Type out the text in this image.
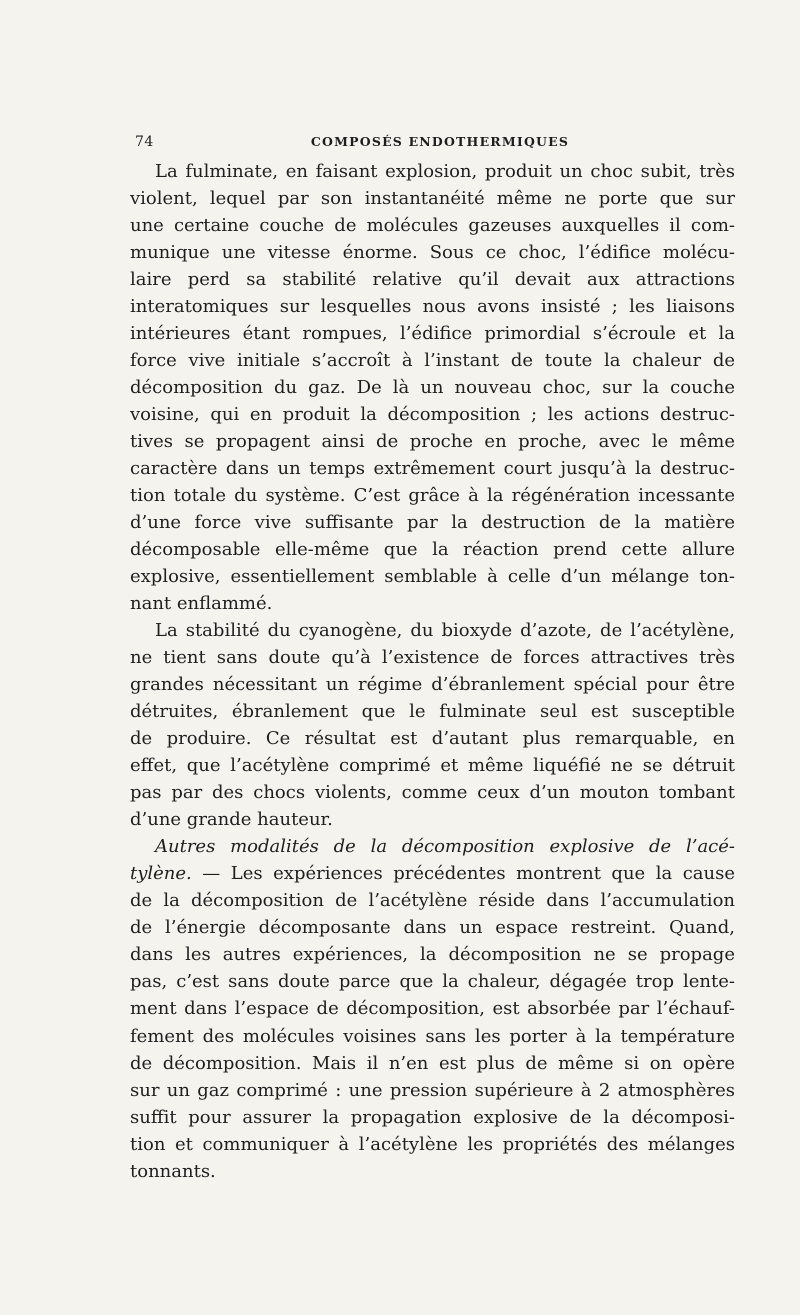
74	COMPOSÉS ENDOTHERMIQUES
La fulminate, en faisant explosion, produit un choc subit, très
violent, lequel par son instantanéité même ne porte que sur
une certaine couche de molécules gazeuses auxquelles il com-
munique une vitesse énorme. Sous ce choc, l’édifice molécu-
laire perd sa stabilité relative qu’il devait aux attractions
interatomiques sur lesquelles nous avons insisté ; les liaisons
intérieures étant rompues, l’édifice primordial s’écroule et la
force vive initiale s’accroît à l’instant de toute la chaleur de
décomposition du gaz. De là un nouveau choc, sur la couche
voisine, qui en produit la décomposition ; les actions destruc-
tives se propagent ainsi de proche en proche, avec le même
caractère dans un temps extrêmement court jusqu’à la destruc-
tion totale du système. C’est grâce à la régénération incessante
d’une force vive suffisante par la destruction de la matière
décomposable elle-même que la réaction prend cette allure
explosive, essentiellement semblable à celle d’un mélange ton-
nant enflammé.
La stabilité du cyanogène, du bioxyde d’azote, de l’acétylène,
ne tient sans doute qu’à l’existence de forces attractives très
grandes nécessitant un régime d’ébranlement spécial pour être
détruites, ébranlement que le fulminate seul est susceptible
de produire. Ce résultat est d’autant plus remarquable, en
effet, que l’acétylène comprimé et même liquéfié ne se détruit
pas par des chocs violents, comme ceux d’un mouton tombant
d’une grande hauteur.
Autres modalités de la décomposition explosive de l’acé-
tylène. — Les expériences précédentes montrent que la cause
de la décomposition de l’acétylène réside dans l’accumulation
de l’énergie décomposante dans un espace restreint. Quand,
dans les autres expériences, la décomposition ne se propage
pas, c’est sans doute parce que la chaleur, dégagée trop lente-
ment dans l’espace de décomposition, est absorbée par l’échauf-
fement des molécules voisines sans les porter à la température
de décomposition. Mais il n’en est plus de même si on opère
sur un gaz comprimé : une pression supérieure à 2 atmosphères
suffit pour assurer la propagation explosive de la décomposi-
tion et communiquer à l’acétylène les propriétés des mélanges
tonnants.
